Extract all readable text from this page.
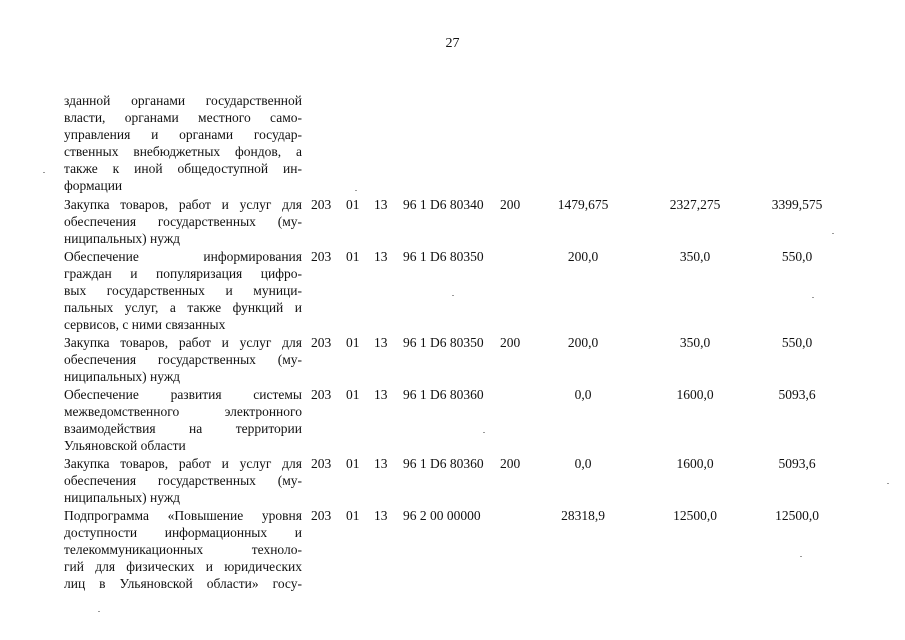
27
зданной органами государственной
власти, органами местного само-
управления и органами государ-
ственных внебюджетных фондов, а
также к иной общедоступной ин-
формации
Закупка товаров, работ и услуг для
обеспечения государственных (му-
ниципальных) нужд
203 01 13 96 1 D6 80340 200	1479,675	2327,275	3399,575
Обеспечение информирования
граждан и популяризация цифро-
вых государственных и муници-
пальных услуг, а также функций и
сервисов, с ними связанных
203 01 13 96 1 D6 80350	200,0	350,0	550,0
Закупка товаров, работ и услуг для
обеспечения государственных (му-
ниципальных) нужд
203 01 13 96 1 D6 80350 200	200,0	350,0	550,0
Обеспечение развития системы
межведомственного электронного
взаимодействия на территории
Ульяновской области
203 01 13 96 1 D6 80360	0,0	1600,0	5093,6
Закупка товаров, работ и услуг для
обеспечения государственных (му-
ниципальных) нужд
203 01 13 96 1 D6 80360 200	0,0	1600,0	5093,6
Подпрограмма «Повышение уровня
доступности информационных и
телекоммуникационных техноло-
гий для физических и юридических
лиц в Ульяновской области» госу-
203 01 13 96 2 00 00000	28318,9	12500,0	12500,0
